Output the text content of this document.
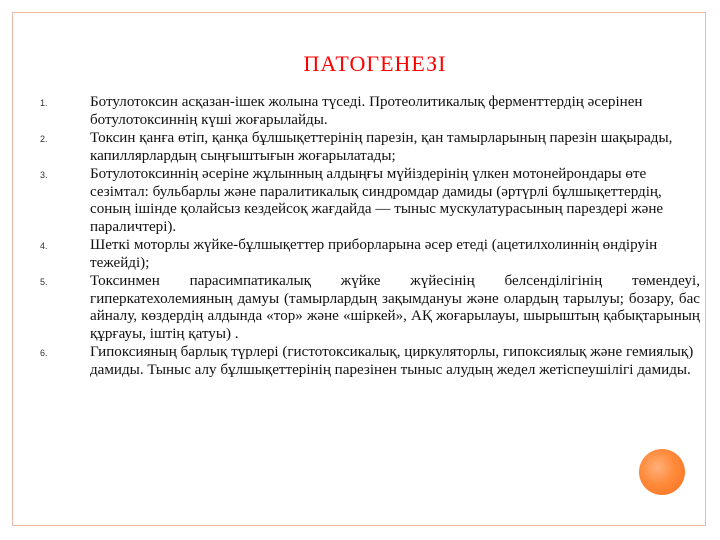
ПАТОГЕНЕЗІ
1.	Ботулотоксин асқазан-ішек жолына түседі. Протеолитикалық ферменттердің әсерінен ботулотоксиннің күші жоғарылайды.
2.	Токсин қанға өтіп, қанқа бұлшықеттерінің парезін, қан тамырларының парезін шақырады, капиллярлардың сыңғыштығын жоғарылатады;
3.	Ботулотоксиннің әсеріне жұлынның алдыңғы мүйіздерінің үлкен мотонейрондары өте сезімтал: бульбарлы және паралитикалық синдромдар дамиды (әртүрлі бұлшықеттердің, соның ішінде қолайсыз кездейсоқ жағдайда — тыныс мускулатурасының парездері және параличтері).
4.	Шеткі моторлы жүйке-бұлшықеттер приборларына әсер етеді (ацетилхолиннің өндіруін тежейді);
5.	Токсинмен парасимпатикалық жүйке жүйесінің белсенділігінің төмендеуі, гиперкатехолемияның дамуы (тамырлардың зақымдануы және олардың тарылуы; бозару, бас айналу, көздердің алдында «тор» және «шіркей», АҚ жоғарылауы, шырыштың қабықтарының құрғауы, іштің қатуы) .
6.	Гипоксияның барлық түрлері (гистотоксикалық, циркуляторлы, гипоксиялық және гемиялық) дамиды. Тыныс алу бұлшықеттерінің парезінен тыныс алудың жедел жетіспеушілігі дамиды.
